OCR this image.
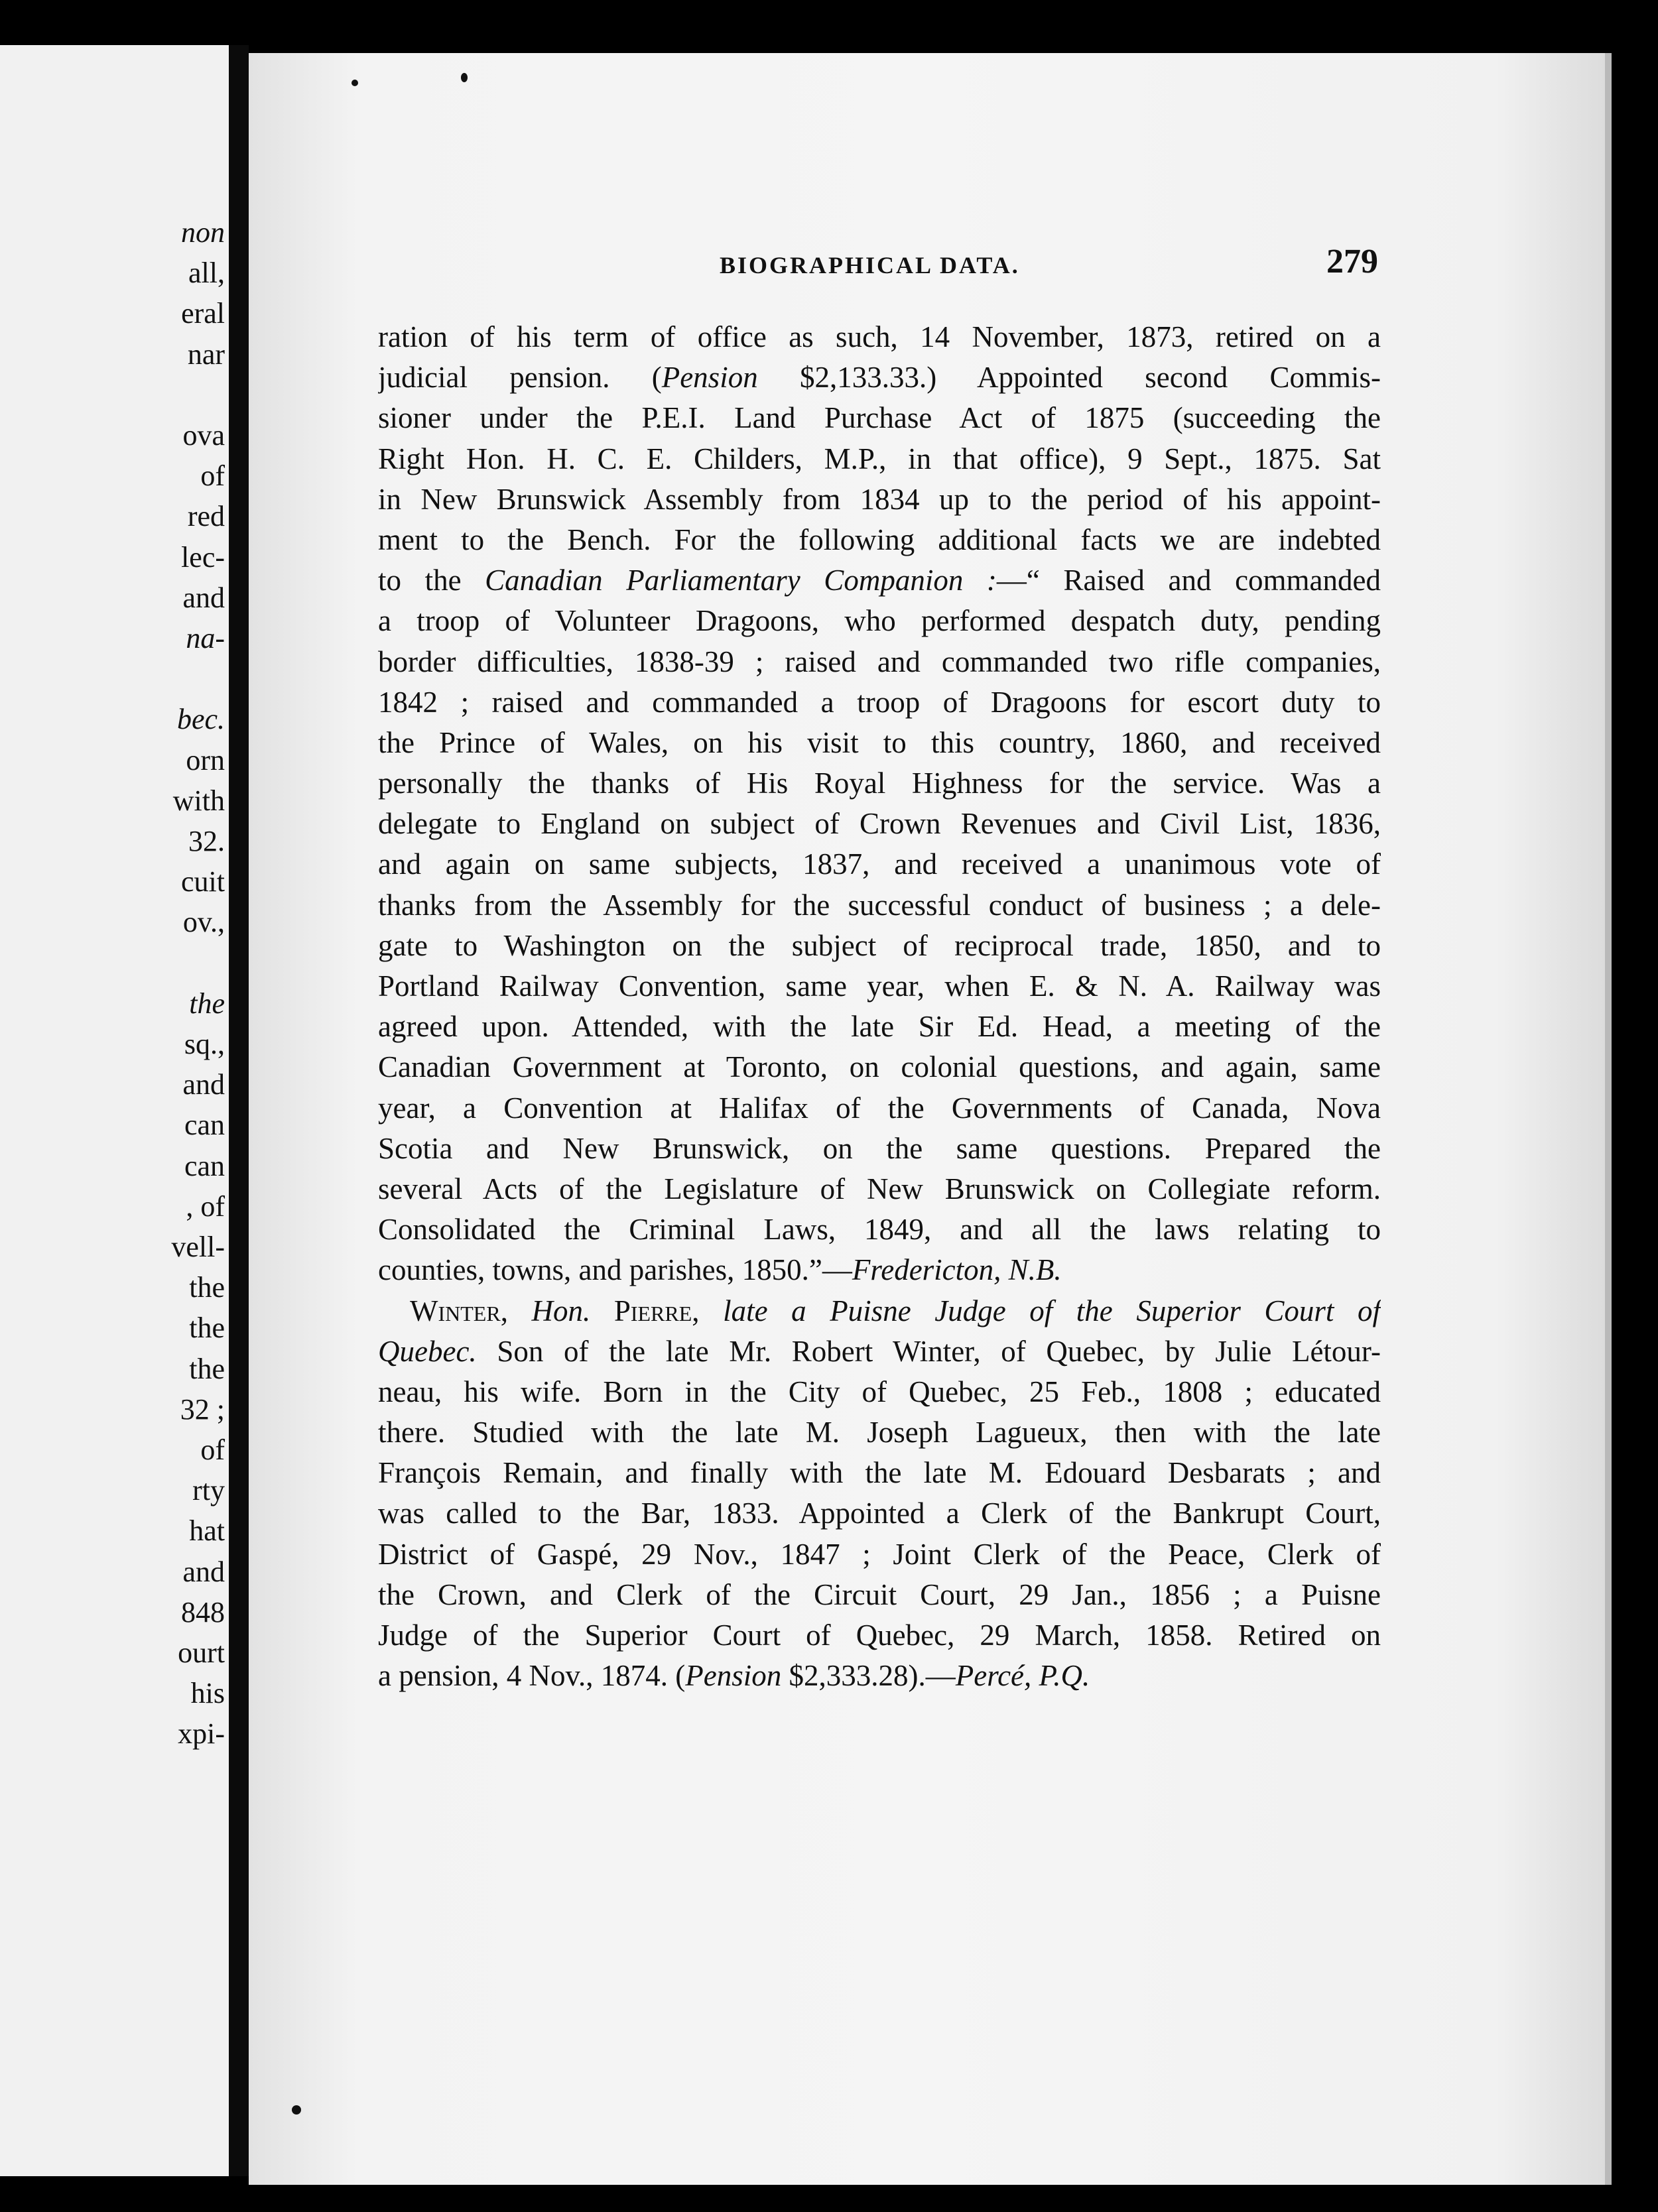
non
all,
eral
nar
ova
of
red
lec-
and
na-
bec.
orn
with
32.
cuit
ov.,
the
sq.,
and
can
can
, of
vell-
the
the
the
32 ;
of
rty
hat
and
848
ourt
his
xpi-
BIOGRAPHICAL DATA.	279
ration of his term of office as such, 14 November, 1873, retired on a
judicial pension. (Pension $2,133.33.) Appointed second Commis-
sioner under the P.E.I. Land Purchase Act of 1875 (succeeding the
Right Hon. H. C. E. Childers, M.P., in that office), 9 Sept., 1875. Sat
in New Brunswick Assembly from 1834 up to the period of his appoint-
ment to the Bench. For the following additional facts we are indebted
to the Canadian Parliamentary Companion :—“ Raised and commanded
a troop of Volunteer Dragoons, who performed despatch duty, pending
border difficulties, 1838-39 ; raised and commanded two rifle companies,
1842 ; raised and commanded a troop of Dragoons for escort duty to
the Prince of Wales, on his visit to this country, 1860, and received
personally the thanks of His Royal Highness for the service. Was a
delegate to England on subject of Crown Revenues and Civil List, 1836,
and again on same subjects, 1837, and received a unanimous vote of
thanks from the Assembly for the successful conduct of business ; a dele-
gate to Washington on the subject of reciprocal trade, 1850, and to
Portland Railway Convention, same year, when E. & N. A. Railway was
agreed upon. Attended, with the late Sir Ed. Head, a meeting of the
Canadian Government at Toronto, on colonial questions, and again, same
year, a Convention at Halifax of the Governments of Canada, Nova
Scotia and New Brunswick, on the same questions. Prepared the
several Acts of the Legislature of New Brunswick on Collegiate reform.
Consolidated the Criminal Laws, 1849, and all the laws relating to
counties, towns, and parishes, 1850.”—Fredericton, N.B.
Winter, Hon. Pierre, late a Puisne Judge of the Superior Court of
Quebec. Son of the late Mr. Robert Winter, of Quebec, by Julie Létour-
neau, his wife. Born in the City of Quebec, 25 Feb., 1808 ; educated
there. Studied with the late M. Joseph Lagueux, then with the late
François Remain, and finally with the late M. Edouard Desbarats ; and
was called to the Bar, 1833. Appointed a Clerk of the Bankrupt Court,
District of Gaspé, 29 Nov., 1847 ; Joint Clerk of the Peace, Clerk of
the Crown, and Clerk of the Circuit Court, 29 Jan., 1856 ; a Puisne
Judge of the Superior Court of Quebec, 29 March, 1858. Retired on
a pension, 4 Nov., 1874. (Pension $2,333.28).—Percé, P.Q.
